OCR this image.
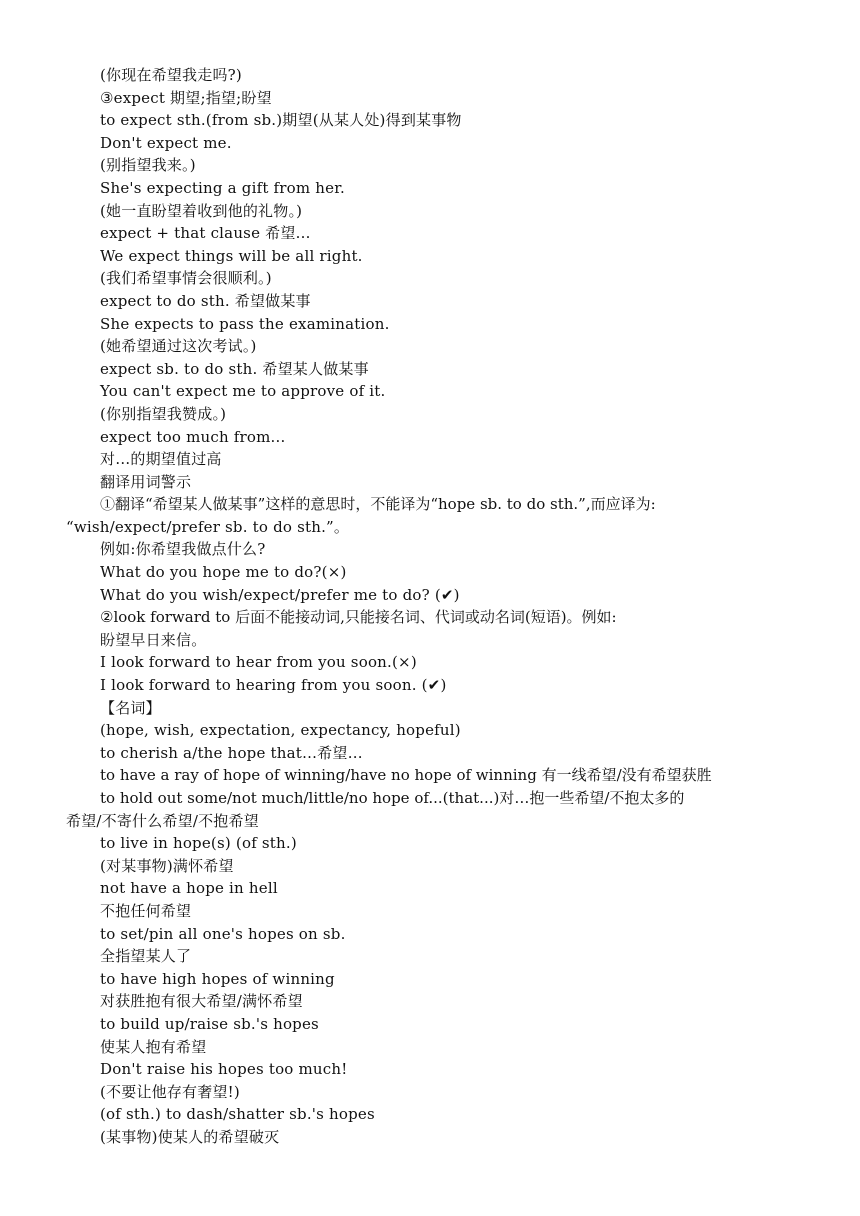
(你现在希望我走吗?)
③expect 期望;指望;盼望
to expect sth.(from sb.)期望(从某人处)得到某事物
Don't expect me.
(别指望我来。)
She's expecting a gift from her.
(她一直盼望着收到他的礼物。)
expect + that clause 希望…
We expect things will be all right.
(我们希望事情会很顺利。)
expect to do sth. 希望做某事
She expects to pass the examination.
(她希望通过这次考试。)
expect sb. to do sth. 希望某人做某事
You can't expect me to approve of it.
(你别指望我赞成。)
expect too much from...
对…的期望值过高
翻译用词警示
①翻译“希望某人做某事”这样的意思时，不能译为“hope sb. to do sth.”,而应译为:
“wish/expect/prefer sb. to do sth.”。
例如:你希望我做点什么?
What do you hope me to do?(×)
What do you wish/expect/prefer me to do? (✔)
②look forward to 后面不能接动词,只能接名词、代词或动名词(短语)。例如:
盼望早日来信。
I look forward to hear from you soon.(×)
I look forward to hearing from you soon. (✔)
【名词】
(hope, wish, expectation, expectancy, hopeful)
to cherish a/the hope that…希望…
to have a ray of hope of winning/have no hope of winning 有一线希望/没有希望获胜
to hold out some/not much/little/no hope of...(that...)对…抱一些希望/不抱太多的
希望/不寄什么希望/不抱希望
to live in hope(s) (of sth.)
(对某事物)满怀希望
not have a hope in hell
不抱任何希望
to set/pin all one's hopes on sb.
全指望某人了
to have high hopes of winning
对获胜抱有很大希望/满怀希望
to build up/raise sb.'s hopes
使某人抱有希望
Don't raise his hopes too much!
(不要让他存有奢望!)
(of sth.) to dash/shatter sb.'s hopes
(某事物)使某人的希望破灭
